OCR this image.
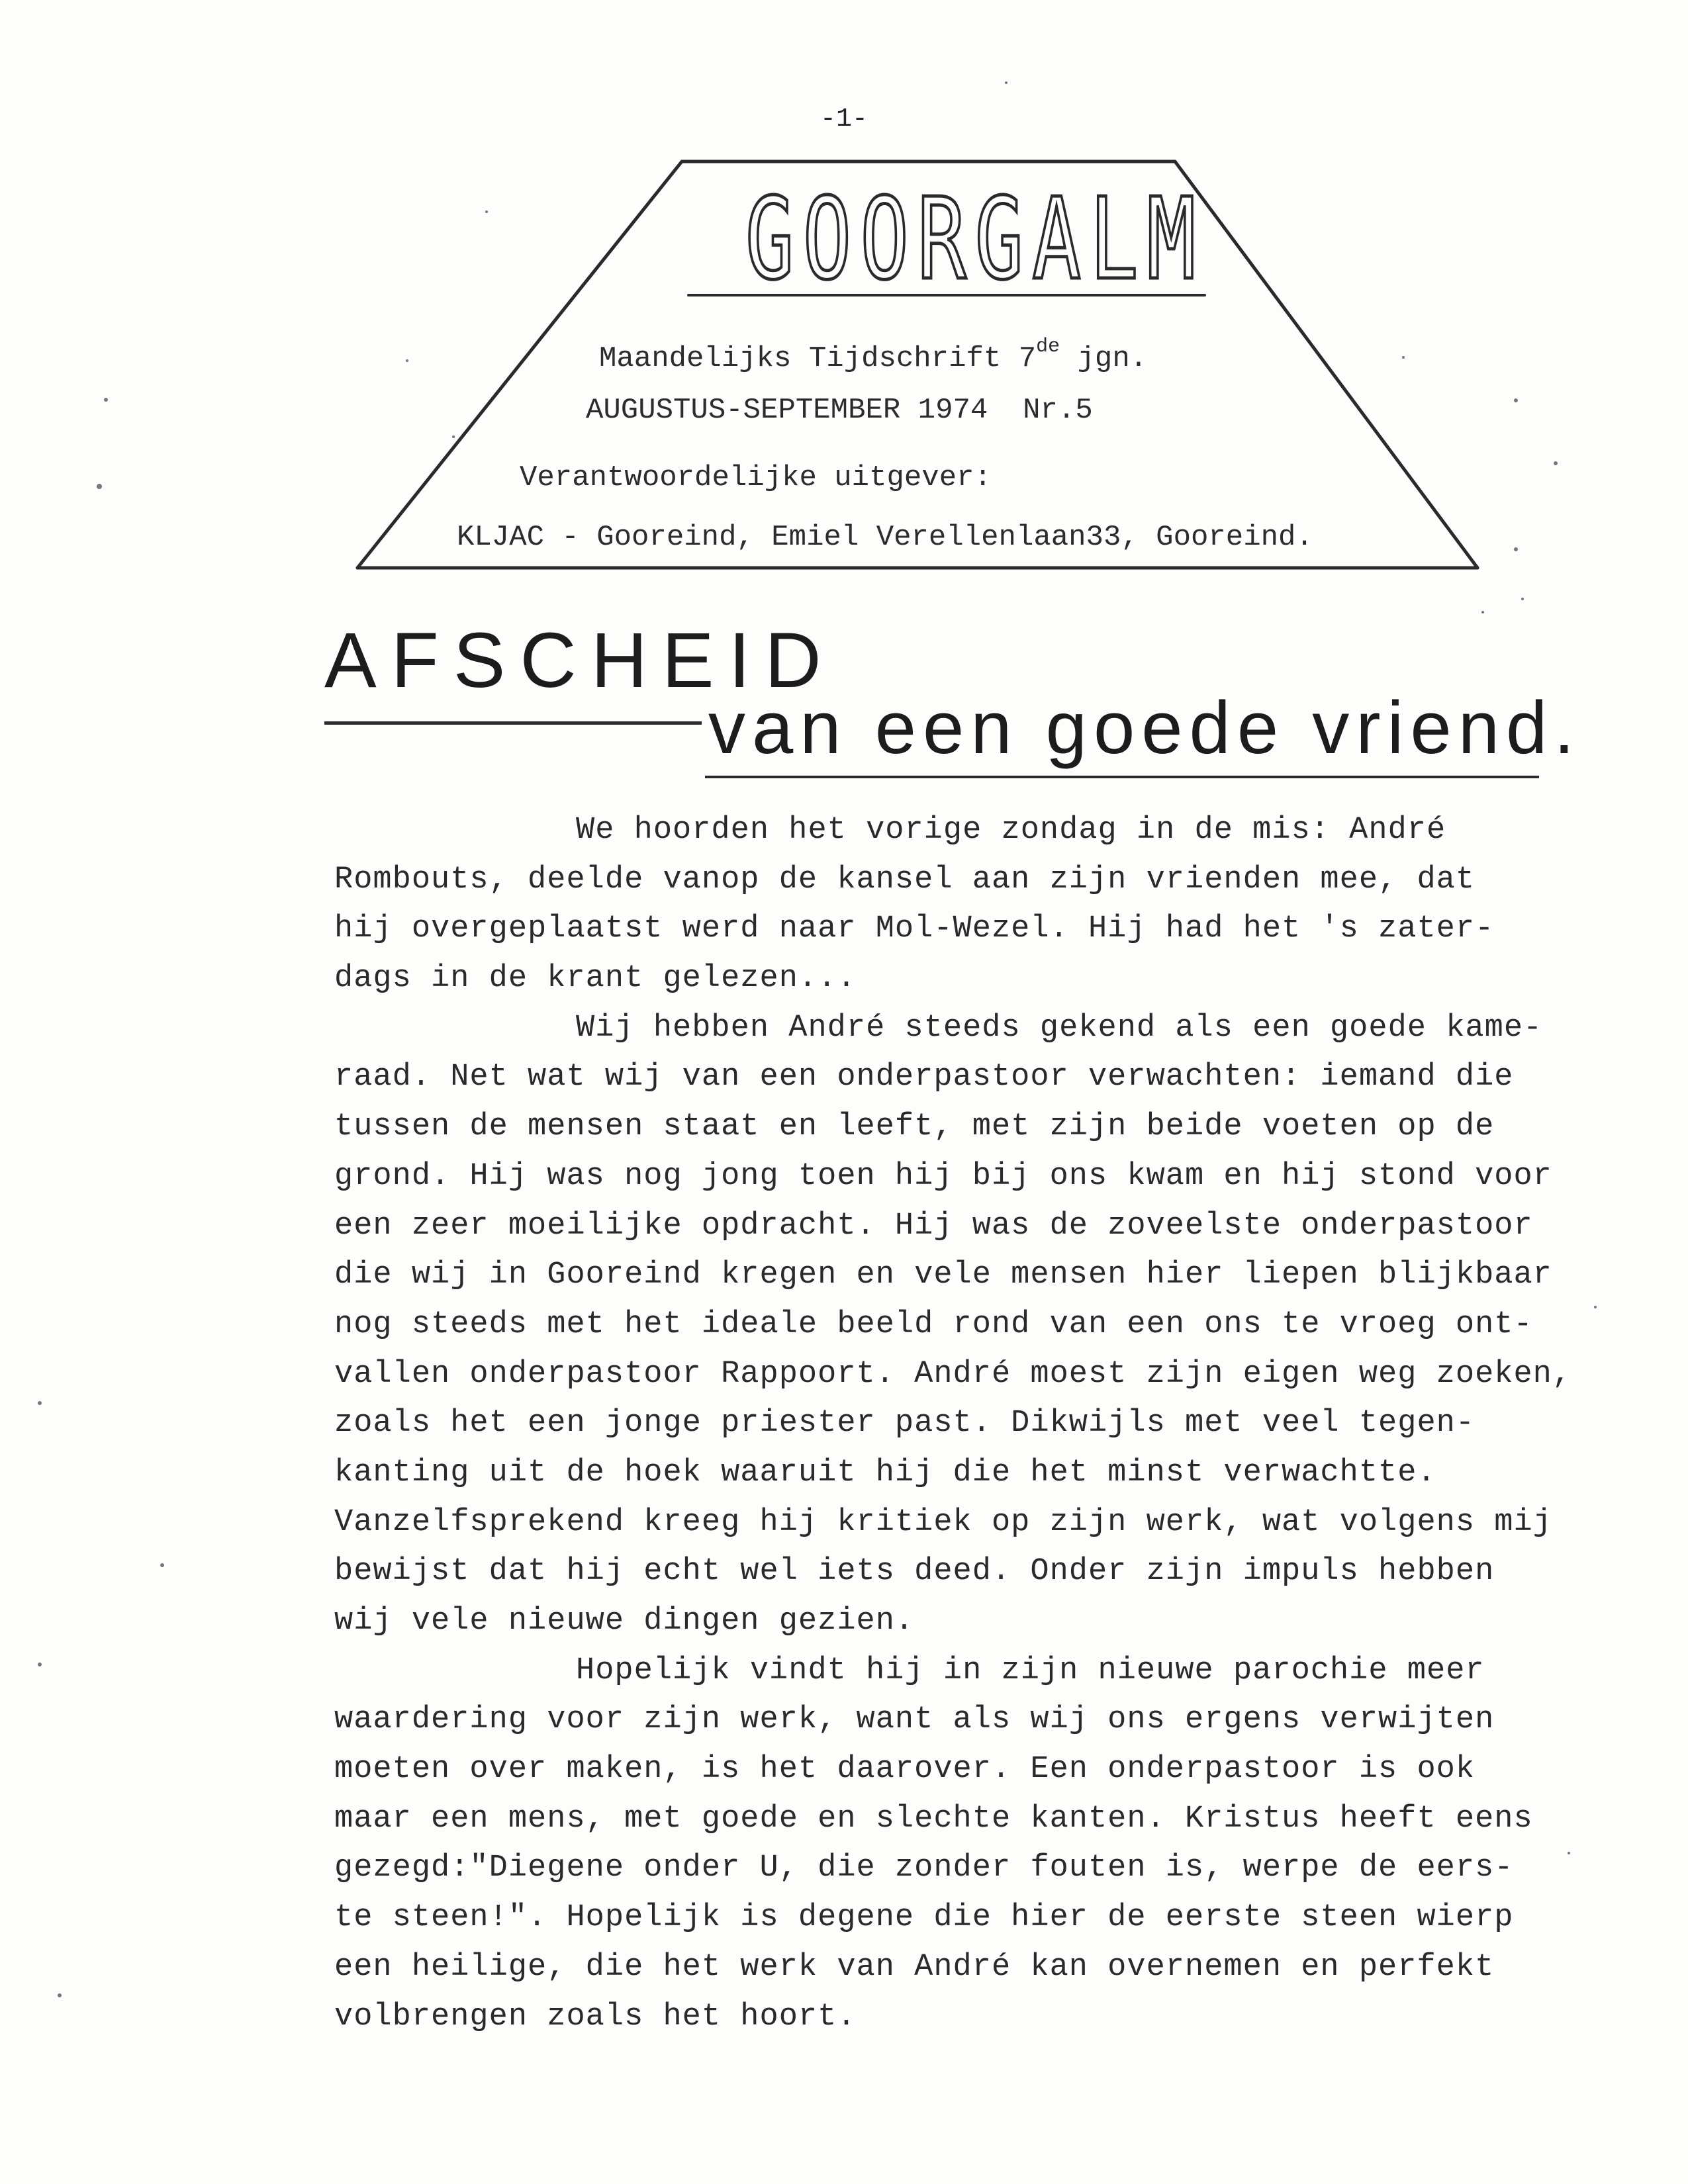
-1-
GOORGALM
Maandelijks Tijdschrift 7de jgn.
AUGUSTUS-SEPTEMBER 1974  Nr.5
Verantwoordelijke uitgever:
KLJAC - Gooreind, Emiel Verellenlaan33, Gooreind.
AFSCHEID
van een goede vriend.
We hoorden het vorige zondag in de mis: André
Rombouts, deelde vanop de kansel aan zijn vrienden mee, dat
hij overgeplaatst werd naar Mol-Wezel. Hij had het 's zater-
dags in de krant gelezen...
Wij hebben André steeds gekend als een goede kame-
raad. Net wat wij van een onderpastoor verwachten: iemand die
tussen de mensen staat en leeft, met zijn beide voeten op de
grond. Hij was nog jong toen hij bij ons kwam en hij stond voor
een zeer moeilijke opdracht. Hij was de zoveelste onderpastoor
die wij in Gooreind kregen en vele mensen hier liepen blijkbaar
nog steeds met het ideale beeld rond van een ons te vroeg ont-
vallen onderpastoor Rappoort. André moest zijn eigen weg zoeken,
zoals het een jonge priester past. Dikwijls met veel tegen-
kanting uit de hoek waaruit hij die het minst verwachtte.
Vanzelfsprekend kreeg hij kritiek op zijn werk, wat volgens mij
bewijst dat hij echt wel iets deed. Onder zijn impuls hebben
wij vele nieuwe dingen gezien.
Hopelijk vindt hij in zijn nieuwe parochie meer
waardering voor zijn werk, want als wij ons ergens verwijten
moeten over maken, is het daarover. Een onderpastoor is ook
maar een mens, met goede en slechte kanten. Kristus heeft eens
gezegd:"Diegene onder U, die zonder fouten is, werpe de eers-
te steen!". Hopelijk is degene die hier de eerste steen wierp
een heilige, die het werk van André kan overnemen en perfekt
volbrengen zoals het hoort.
